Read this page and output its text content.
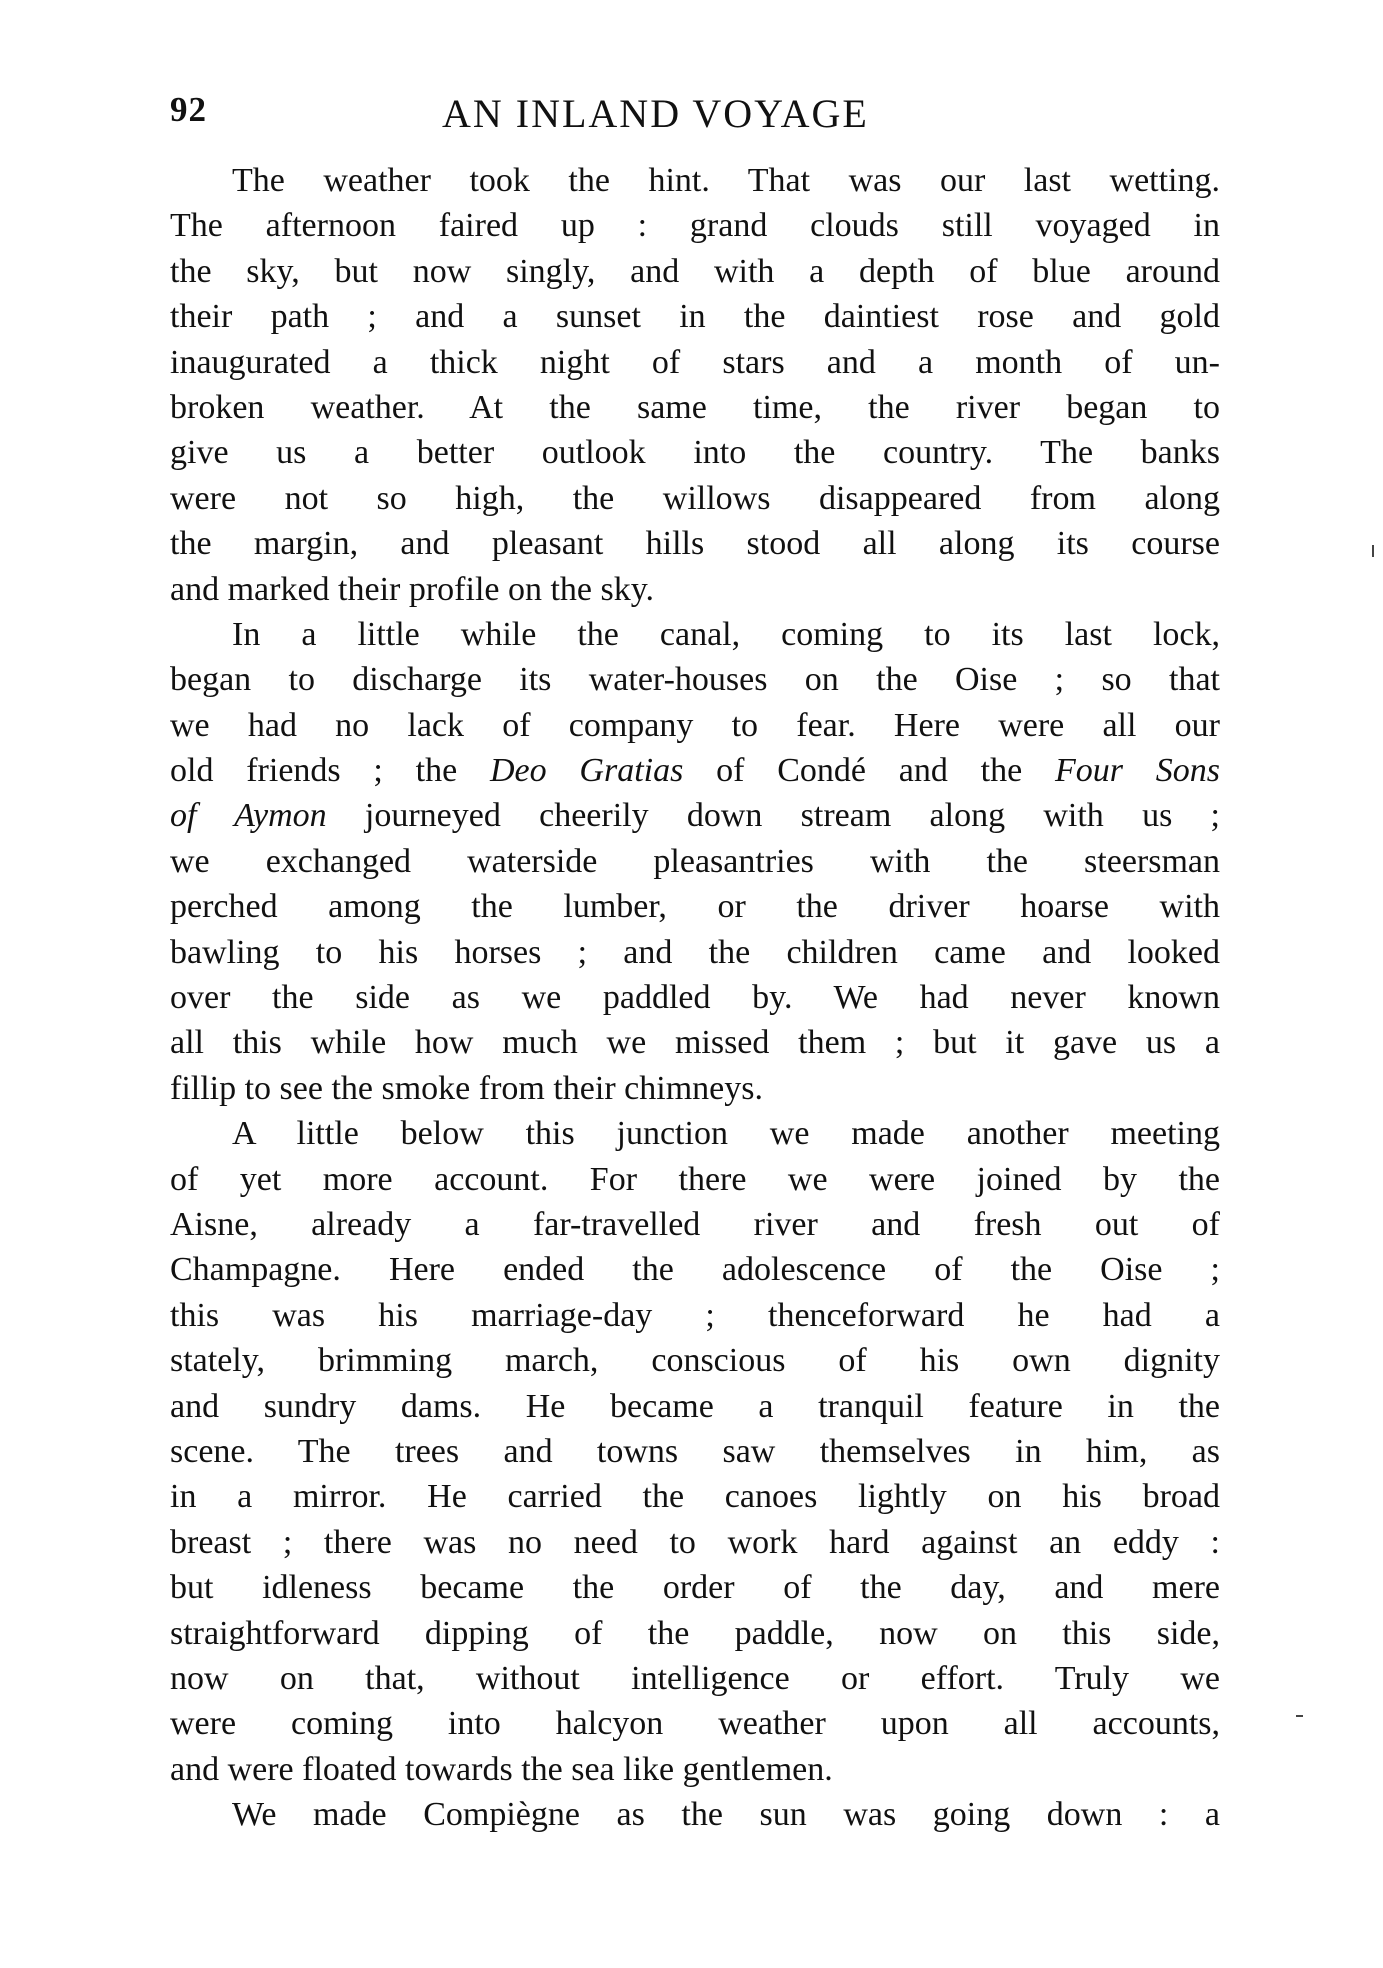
92	AN INLAND VOYAGE
The weather took the hint. That was our last wetting.
The afternoon faired up : grand clouds still voyaged in
the sky, but now singly, and with a depth of blue around
their path ; and a sunset in the daintiest rose and gold
inaugurated a thick night of stars and a month of un-
broken weather. At the same time, the river began to
give us a better outlook into the country. The banks
were not so high, the willows disappeared from along
the margin, and pleasant hills stood all along its course
and marked their profile on the sky.
In a little while the canal, coming to its last lock,
began to discharge its water-houses on the Oise ; so that
we had no lack of company to fear. Here were all our
old friends ; the Deo Gratias of Condé and the Four Sons
of Aymon journeyed cheerily down stream along with us ;
we exchanged waterside pleasantries with the steersman
perched among the lumber, or the driver hoarse with
bawling to his horses ; and the children came and looked
over the side as we paddled by. We had never known
all this while how much we missed them ; but it gave us a
fillip to see the smoke from their chimneys.
A little below this junction we made another meeting
of yet more account. For there we were joined by the
Aisne, already a far-travelled river and fresh out of
Champagne. Here ended the adolescence of the Oise ;
this was his marriage-day ; thenceforward he had a
stately, brimming march, conscious of his own dignity
and sundry dams. He became a tranquil feature in the
scene. The trees and towns saw themselves in him, as
in a mirror. He carried the canoes lightly on his broad
breast ; there was no need to work hard against an eddy :
but idleness became the order of the day, and mere
straightforward dipping of the paddle, now on this side,
now on that, without intelligence or effort. Truly we
were coming into halcyon weather upon all accounts,
and were floated towards the sea like gentlemen.
We made Compiègne as the sun was going down : a
